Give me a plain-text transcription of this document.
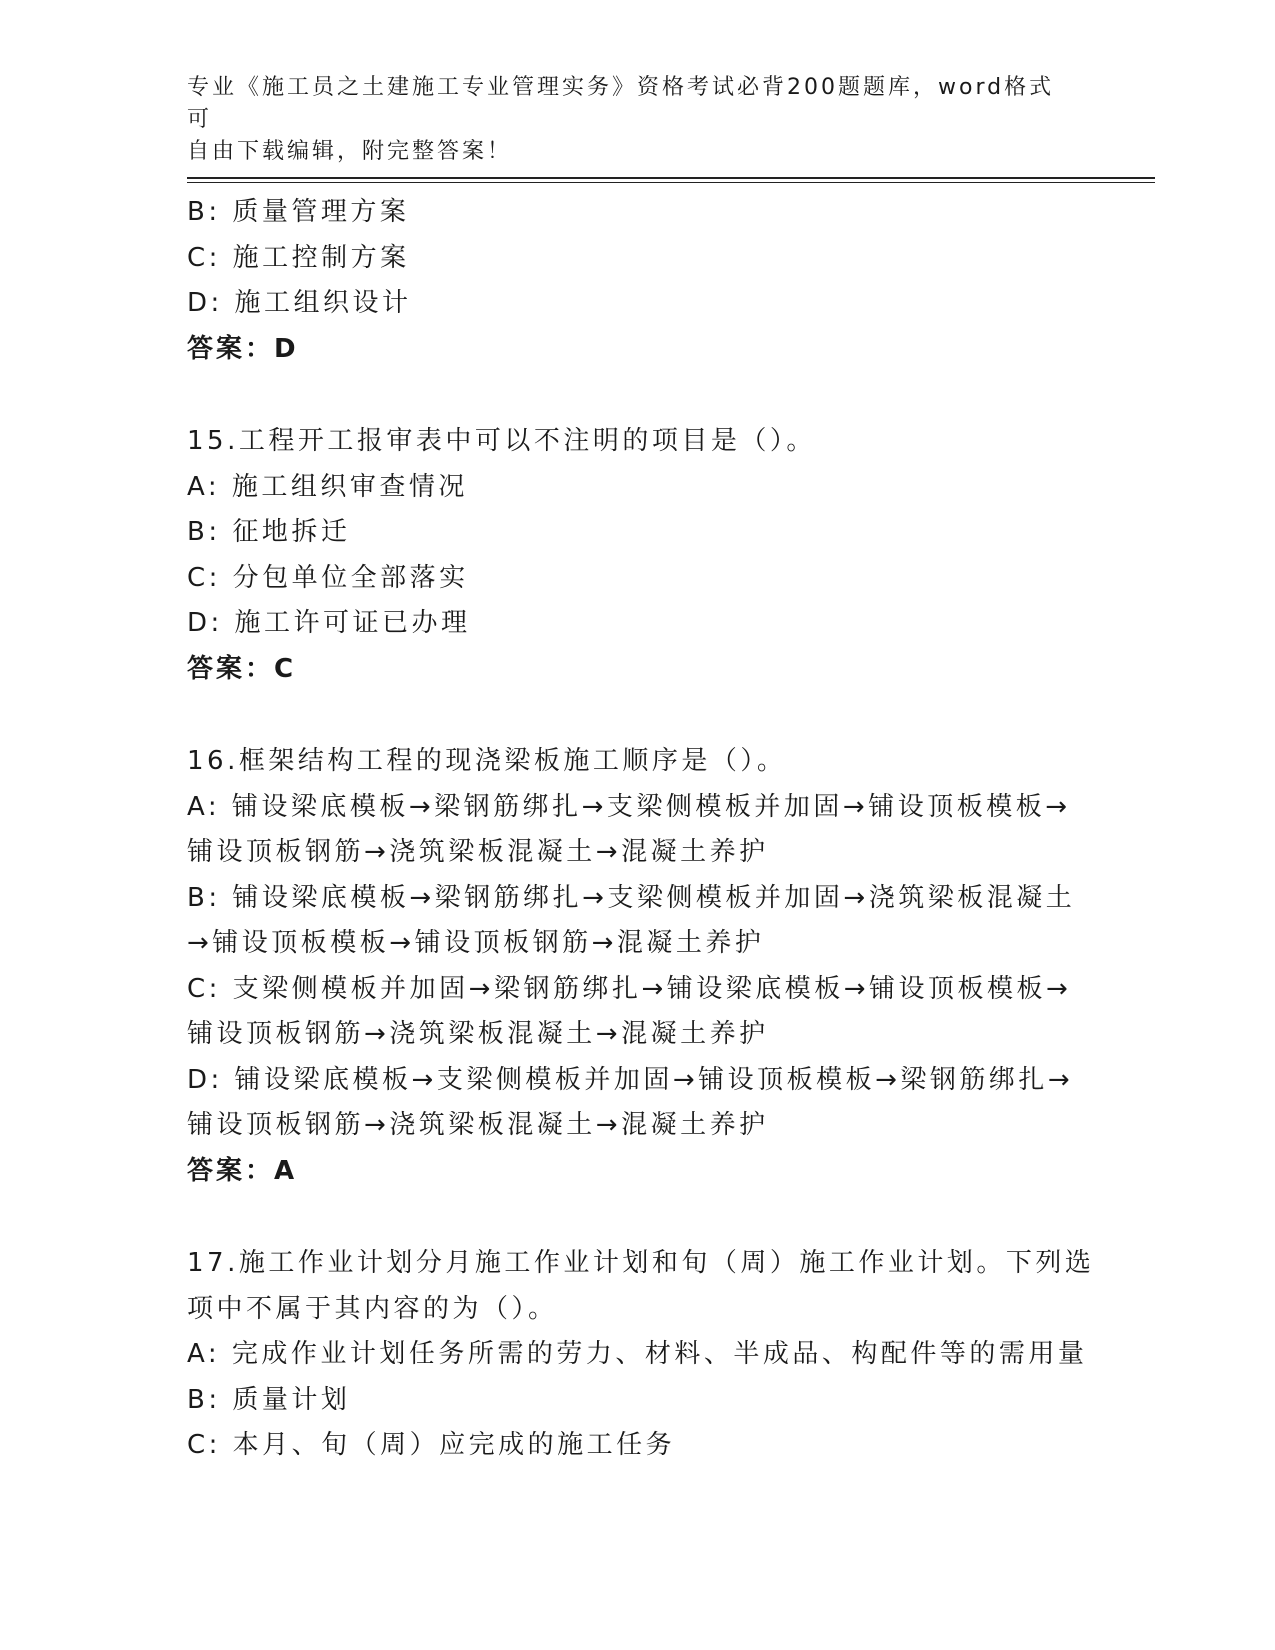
专业《施工员之土建施工专业管理实务》资格考试必背200题题库，word格式可
自由下载编辑，附完整答案！
B: 质量管理方案
C: 施工控制方案
D: 施工组织设计
答案：D
15.工程开工报审表中可以不注明的项目是（）。
A: 施工组织审查情况
B: 征地拆迁
C: 分包单位全部落实
D: 施工许可证已办理
答案：C
16.框架结构工程的现浇梁板施工顺序是（）。
A: 铺设梁底模板→梁钢筋绑扎→支梁侧模板并加固→铺设顶板模板→
铺设顶板钢筋→浇筑梁板混凝土→混凝土养护
B: 铺设梁底模板→梁钢筋绑扎→支梁侧模板并加固→浇筑梁板混凝土
→铺设顶板模板→铺设顶板钢筋→混凝土养护
C: 支梁侧模板并加固→梁钢筋绑扎→铺设梁底模板→铺设顶板模板→
铺设顶板钢筋→浇筑梁板混凝土→混凝土养护
D: 铺设梁底模板→支梁侧模板并加固→铺设顶板模板→梁钢筋绑扎→
铺设顶板钢筋→浇筑梁板混凝土→混凝土养护
答案：A
17.施工作业计划分月施工作业计划和旬（周）施工作业计划。下列选
项中不属于其内容的为（）。
A: 完成作业计划任务所需的劳力、材料、半成品、构配件等的需用量
B: 质量计划
C: 本月、旬（周）应完成的施工任务
